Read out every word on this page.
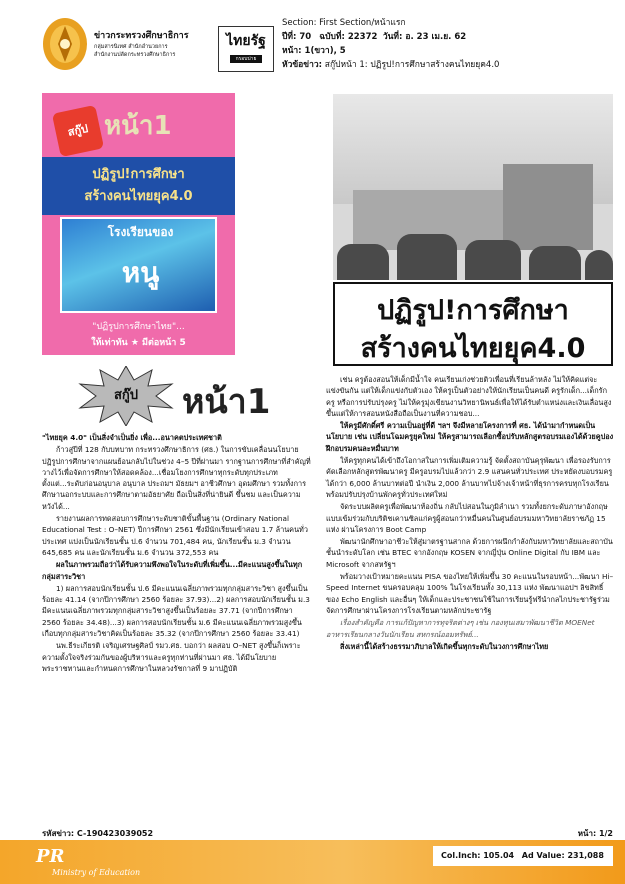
ข่าวกระทรวงศึกษาธิการ
กลุ่มสารนิเทศ สำนักอำนวยการ
สำนักงานปลัดกระทรวงศึกษาธิการ
ไทยรัฐ
กรอบบ่าย
Section: First Section/หน้าแรก
ปีที่: 70 ฉบับที่: 22372 วันที่: อ. 23 เม.ย. 62
หน้า: 1(ขวา), 5
หัวข้อข่าว: สกู๊ปหน้า 1: ปฏิรูป!การศึกษาสร้างคนไทยยุค4.0
สกู๊ป หน้า1
ปฏิรูป!การศึกษา
สร้างคนไทยยุค4.0
โรงเรียนของ
หนู
"ปฏิรูปการศึกษาไทย"...
ให้เท่าทัน ★ มีต่อหน้า 5
สกู๊ป	หน้า1

"ไทยยุค 4.0" เป็นสิ่งจำเป็นยิ่ง เพื่อ...อนาคตประเทศชาติ

ก้าวสู่ปีที่ 128 กับบทบาท กระทรวงศึกษาธิการ (ศธ.) ในการขับเคลื่อนนโยบายปฏิรูปการศึกษาจากแผนย้อนกลับไปในช่วง 4–5 ปีที่ผ่านมา รากฐานการศึกษาที่สำคัญที่วางไว้เพื่อจัดการศึกษาให้สอดคล้อง...เชื่อมโยงการศึกษาทุกระดับทุกประเภท ตั้งแต่...ระดับก่อนอนุบาล อนุบาล ประถมฯ มัธยมฯ อาชีวศึกษา อุดมศึกษา รวมทั้งการศึกษานอกระบบและการศึกษาตามอัธยาศัย ถือเป็นสิ่งที่น่ายินดี ขึ้นชม และเป็นความหวังได้...

รายงานผลการทดสอบการศึกษาระดับชาติขั้นพื้นฐาน (Ordinary National Educational Test : O–NET) ปีการศึกษา 2561 ซึ่งมีนักเรียนเข้าสอบ 1.7 ล้านคนทั่วประเทศ แบ่งเป็นนักเรียนชั้น ป.6 จำนวน 701,484 คน, นักเรียนชั้น ม.3 จำนวน 645,685 คน และนักเรียนชั้น ม.6 จำนวน 372,553 คน

ผลในภาพรวมถือว่าได้รับความพึงพอใจในระดับที่เพิ่มขึ้น...มีคะแนนสูงขึ้นในทุกกลุ่มสาระวิชา

1) ผลการสอบนักเรียนชั้น ป.6 มีคะแนนเฉลี่ยภาพรวมทุกกลุ่มสาระวิชา สูงขึ้นเป็นร้อยละ 41.14 (จากปีการศึกษา 2560 ร้อยละ 37.93)...2) ผลการสอบนักเรียนชั้น ม.3 มีคะแนนเฉลี่ยภาพรวมทุกกลุ่มสาระวิชาสูงขึ้นเป็นร้อยละ 37.71 (จากปีการศึกษา 2560 ร้อยละ 34.48)...3) ผลการสอบนักเรียนชั้น ม.6 มีคะแนนเฉลี่ยภาพรวมสูงขึ้นเกือบทุกกลุ่มสาระวิชาคิดเป็นร้อยละ 35.32 (จากปีการศึกษา 2560 ร้อยละ 33.41)

นพ.ธีระเกียรติ เจริญเศรษฐศิลป์ รมว.ศธ. บอกว่า ผลสอบ O–NET สูงขึ้นก็เพราะความตั้งใจจริงร่วมกันของผู้บริหารและครูทุกท่านที่ผ่านมา ศธ. ได้มีนโยบายพระราชทานและกำหนดการศึกษาในหลวงรัชกาลที่ 9 มาปฏิบัติ

ปฏิรูป!การศึกษา
สร้างคนไทยยุค4.0

เช่น ครูต้องสอนให้เด็กมีน้ำใจ คนเรียนเก่งช่วยติวเพื่อนที่เรียนล้าหลัง ไม่ให้คิดแต่จะแข่งขันกัน แต่ให้เด็กแข่งกับตัวเอง ให้ครูเป็นตัวอย่างให้นักเรียนเป็นคนดี ครูรักเด็ก...เด็กรักครู หรือการปรับปรุงครู ไม่ให้ครูมุ่งเขียนงานวิทยานิพนธ์เพื่อให้ได้รับตำแหน่งและเงินเลื่อนสูงขึ้นแต่ให้การสอนหนังสือถือเป็นงานที่ความชอบ...

ให้ครูมีศักดิ์ศรี ความเป็นอยู่ที่ดี ฯลฯ จึงมีหลายโครงการที่ ศธ. ได้นำมากำหนดเป็นนโยบาย เช่น เปลี่ยนโฉมครูยุคใหม่ ให้ครูสามารถเลือกซื้อปรับหลักสูตรอบรมเองได้ด้วยคูปองฝึกอบรมคนละหมื่นบาท

ให้ครูทุกคนได้เข้าถึงโอกาสในการเพิ่มเติมความรู้ จัดตั้งสถาบันคุรุพัฒนา เพื่อรองรับการคัดเลือกหลักสูตรพัฒนาครู มีครูอบรมไปแล้วกว่า 2.9 แสนคนทั่วประเทศ ประหยัดงบอบรมครูได้กว่า 6,000 ล้านบาทต่อปี นำเงิน 2,000 ล้านบาทไปจ้างเจ้าหน้าที่ธุรการครบทุกโรงเรียน พร้อมปรับปรุงบ้านพักครูทั่วประเทศใหม่

จัดระบบผลิตครูเพื่อพัฒนาท้องถิ่น กลับไปสอนในภูมิลำเนา รวมทั้งยกระดับภาษาอังกฤษแบบเข้มร่วมกับบริติชเคานซิลแก่ครูผู้สอนกว่าหมื่นคนในศูนย์อบรมมหาวิทยาลัยราชภัฏ 15 แห่ง ผ่านโครงการ Boot Camp

พัฒนานักศึกษาอาชีวะให้สู่มาตรฐานสากล ด้วยการผนึกกำลังกับมหาวิทยาลัยและสถาบันชั้นนำระดับโลก เช่น BTEC จากอังกฤษ KOSEN จากญี่ปุ่น Online Digital กับ IBM และ Microsoft จากสหรัฐฯ

พร้อมวางเป้าหมายคะแนน PISA ของไทยให้เพิ่มขึ้น 30 คะแนนในรอบหน้า...พัฒนา Hi–Speed Internet ขนครอบคลุม 100% ในโรงเรียนทั้ง 30,113 แห่ง พัฒนาแอปฯ ลิขสิทธิ์ของ Echo English และอื่นๆ ให้เด็กและประชาชนใช้ในการเรียนรู้ฟรีนำกลไกประชารัฐร่วมจัดการศึกษาผ่านโครงการโรงเรียนตามหลักประชารัฐ

เรื่องสำคัญคือ การแก้ปัญหาการทุจริตต่างๆ เช่น กองทุนเสมาพัฒนาชีวิต MOENet อาหารเรียนกลางวันนักเรียน สหกรณ์ออมทรัพย์...

สิ่งเหล่านี้ได้สร้างธรรมาภิบาลให้เกิดขึ้นทุกระดับในวงการศึกษาไทย

รหัสข่าว: C-190423039052	หน้า: 1/2
PR
Ministry of Education
Col.Inch: 105.04 Ad Value: 231,088
